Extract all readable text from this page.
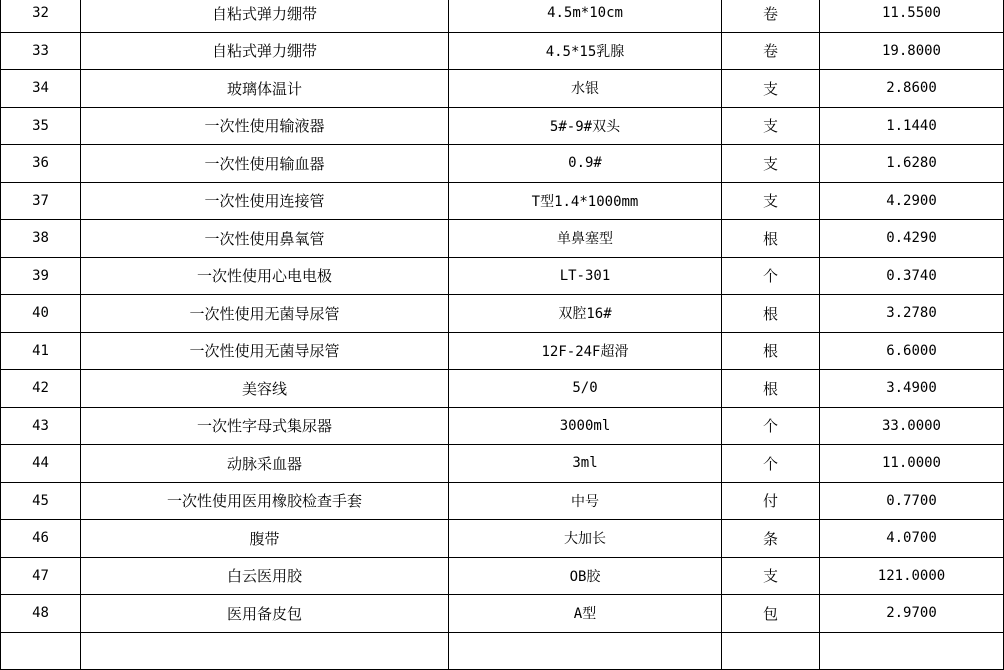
32	自粘式弹力绷带	4.5m*10cm	卷	11.5500
33	自粘式弹力绷带	4.5*15乳腺	卷	19.8000
34	玻璃体温计	水银	支	2.8600
35	一次性使用输液器	5#-9#双头	支	1.1440
36	一次性使用输血器	0.9#	支	1.6280
37	一次性使用连接管	T型1.4*1000mm	支	4.2900
38	一次性使用鼻氧管	单鼻塞型	根	0.4290
39	一次性使用心电电极	LT-301	个	0.3740
40	一次性使用无菌导尿管	双腔16#	根	3.2780
41	一次性使用无菌导尿管	12F-24F超滑	根	6.6000
42	美容线	5/0	根	3.4900
43	一次性字母式集尿器	3000ml	个	33.0000
44	动脉采血器	3ml	个	11.0000
45	一次性使用医用橡胶检查手套	中号	付	0.7700
46	腹带	大加长	条	4.0700
47	白云医用胶	OB胶	支	121.0000
48	医用备皮包	A型	包	2.9700
